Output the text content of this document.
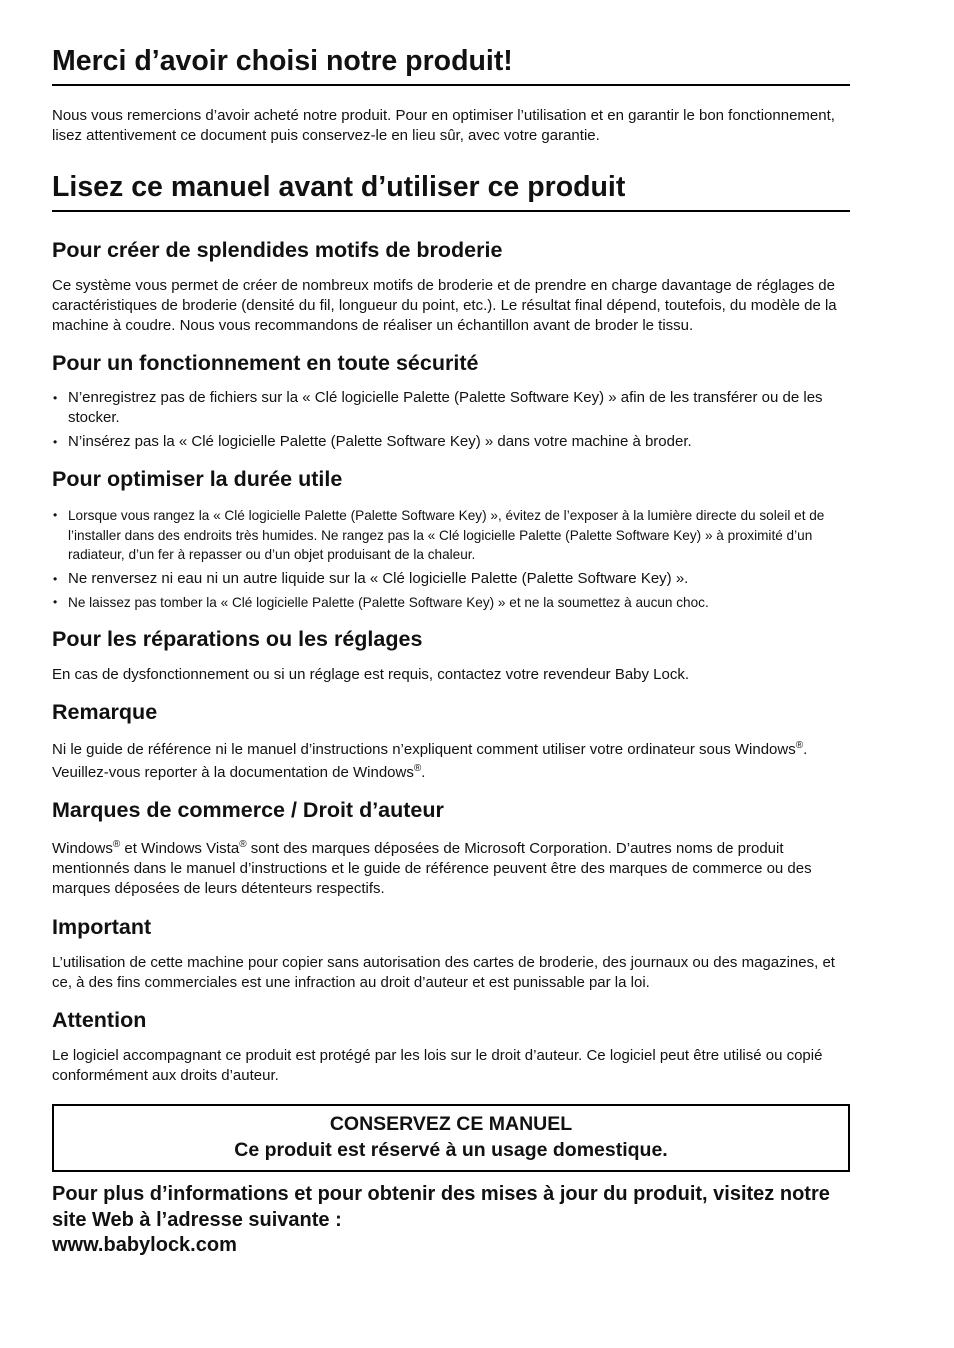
Merci d’avoir choisi notre produit!

Nous vous remercions d’avoir acheté notre produit. Pour en optimiser l’utilisation et en garantir le bon fonctionnement, lisez attentivement ce document puis conservez-le en lieu sûr, avec votre garantie.

Lisez ce manuel avant d’utiliser ce produit
Pour créer de splendides motifs de broderie

Ce système vous permet de créer de nombreux motifs de broderie et de prendre en charge davantage de réglages de caractéristiques de broderie (densité du fil, longueur du point, etc.). Le résultat final dépend, toutefois, du modèle de la machine à coudre. Nous vous recommandons de réaliser un échantillon avant de broder le tissu.

Pour un fonctionnement en toute sécurité
• N’enregistrez pas de fichiers sur la « Clé logicielle Palette (Palette Software Key) » afin de les transférer ou de les stocker.
• N’insérez pas la « Clé logicielle Palette (Palette Software Key) » dans votre machine à broder.
Pour optimiser la durée utile
• Lorsque vous rangez la « Clé logicielle Palette (Palette Software Key) », évitez de l’exposer à la lumière directe du soleil et de l’installer dans des endroits très humides. Ne rangez pas la « Clé logicielle Palette (Palette Software Key) » à proximité d’un radiateur, d’un fer à repasser ou d’un objet produisant de la chaleur.
• Ne renversez ni eau ni un autre liquide sur la « Clé logicielle Palette (Palette Software Key) ».
• Ne laissez pas tomber la « Clé logicielle Palette (Palette Software Key) » et ne la soumettez à aucun choc.
Pour les réparations ou les réglages

En cas de dysfonctionnement ou si un réglage est requis, contactez votre revendeur Baby Lock.

Remarque

Ni le guide de référence ni le manuel d’instructions n’expliquent comment utiliser votre ordinateur sous Windows®. Veuillez-vous reporter à la documentation de Windows®.

Marques de commerce / Droit d’auteur

Windows® et Windows Vista® sont des marques déposées de Microsoft Corporation. D’autres noms de produit mentionnés dans le manuel d’instructions et le guide de référence peuvent être des marques de commerce ou des marques déposées de leurs détenteurs respectifs.

Important

L’utilisation de cette machine pour copier sans autorisation des cartes de broderie, des journaux ou des magazines, et ce, à des fins commerciales est une infraction au droit d’auteur et est punissable par la loi.

Attention

Le logiciel accompagnant ce produit est protégé par les lois sur le droit d’auteur. Ce logiciel peut être utilisé ou copié conformément aux droits d’auteur.

CONSERVEZ CE MANUEL
Ce produit est réservé à un usage domestique.
Pour plus d’informations et pour obtenir des mises à jour du produit, visitez notre site Web à l’adresse suivante :
www.babylock.com
